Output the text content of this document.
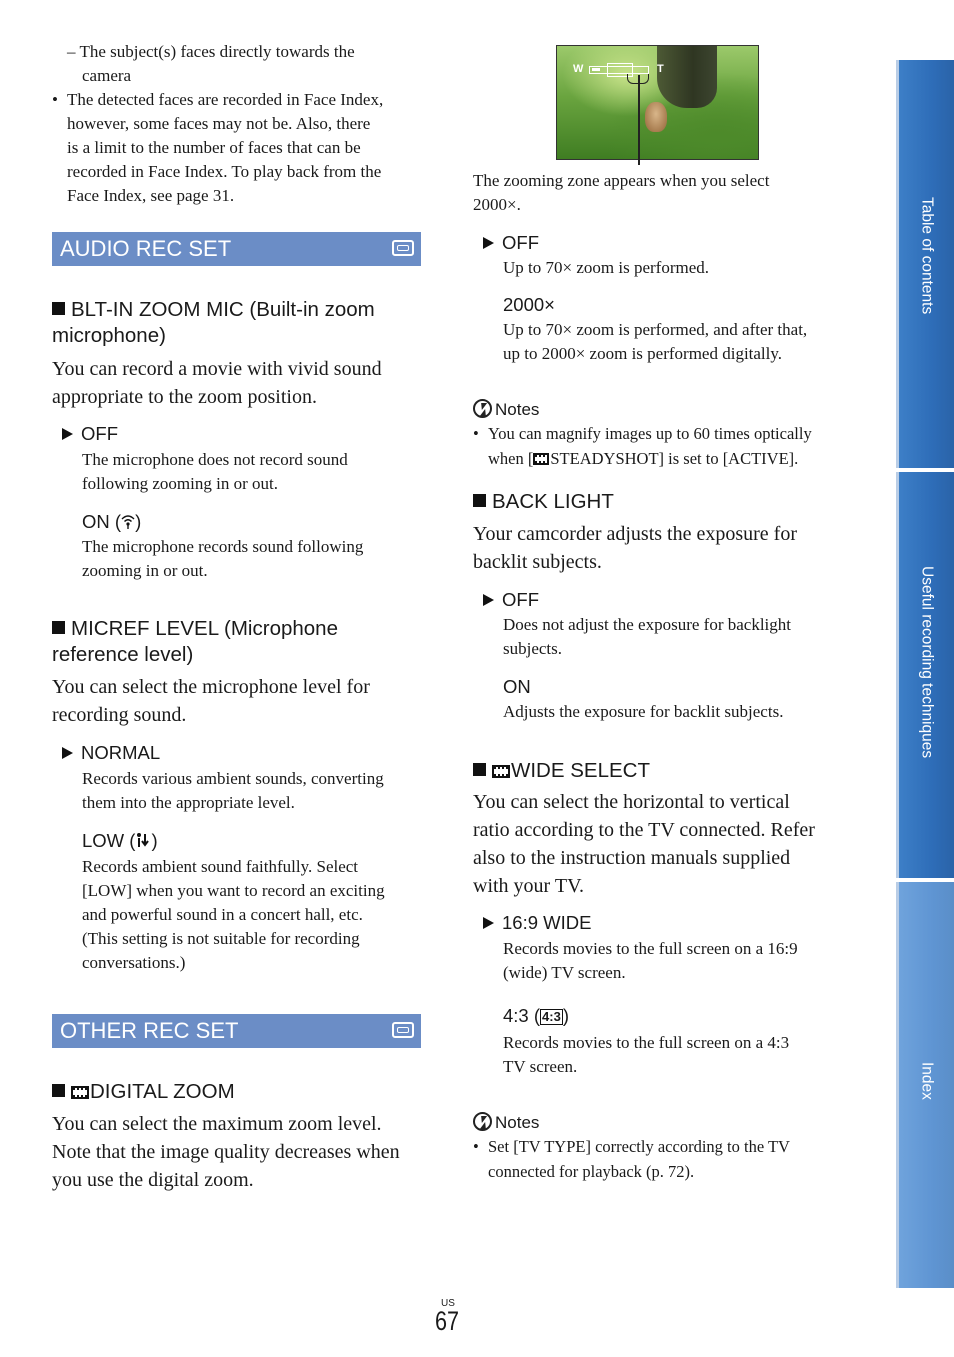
– The subject(s) faces directly towards the
camera
• The detected faces are recorded in Face Index,
however, some faces may not be. Also, there
is a limit to the number of faces that can be
recorded in Face Index. To play back from the
Face Index, see page 31.
AUDIO REC SET
BLT-IN ZOOM MIC (Built-in zoom
microphone)
You can record a movie with vivid sound
appropriate to the zoom position.
OFF
The microphone does not record sound
following zooming in or out.
ON ( )
The microphone records sound following
zooming in or out.
MICREF LEVEL (Microphone
reference level)
You can select the microphone level for
recording sound.
NORMAL
Records various ambient sounds, converting
them into the appropriate level.
LOW ( )
Records ambient sound faithfully. Select
[LOW] when you want to record an exciting
and powerful sound in a concert hall, etc.
(This setting is not suitable for recording
conversations.)
OTHER REC SET
DIGITAL ZOOM
You can select the maximum zoom level.
Note that the image quality decreases when
you use the digital zoom.
W	T
The zooming zone appears when you select
2000×.
OFF
Up to 70× zoom is performed.
2000×
Up to 70× zoom is performed, and after that,
up to 2000× zoom is performed digitally.
Notes
• You can magnify images up to 60 times optically
when [ STEADYSHOT] is set to [ACTIVE].
BACK LIGHT
Your camcorder adjusts the exposure for
backlit subjects.
OFF
Does not adjust the exposure for backlight
subjects.
ON
Adjusts the exposure for backlit subjects.
WIDE SELECT
You can select the horizontal to vertical
ratio according to the TV connected. Refer
also to the instruction manuals supplied
with your TV.
16:9 WIDE
Records movies to the full screen on a 16:9
(wide) TV screen.
4:3 ( 4:3 )
Records movies to the full screen on a 4:3
TV screen.
Notes
• Set [TV TYPE] correctly according to the TV
connected for playback (p. 72).
Table of contents
Useful recording techniques
Index
US
67
